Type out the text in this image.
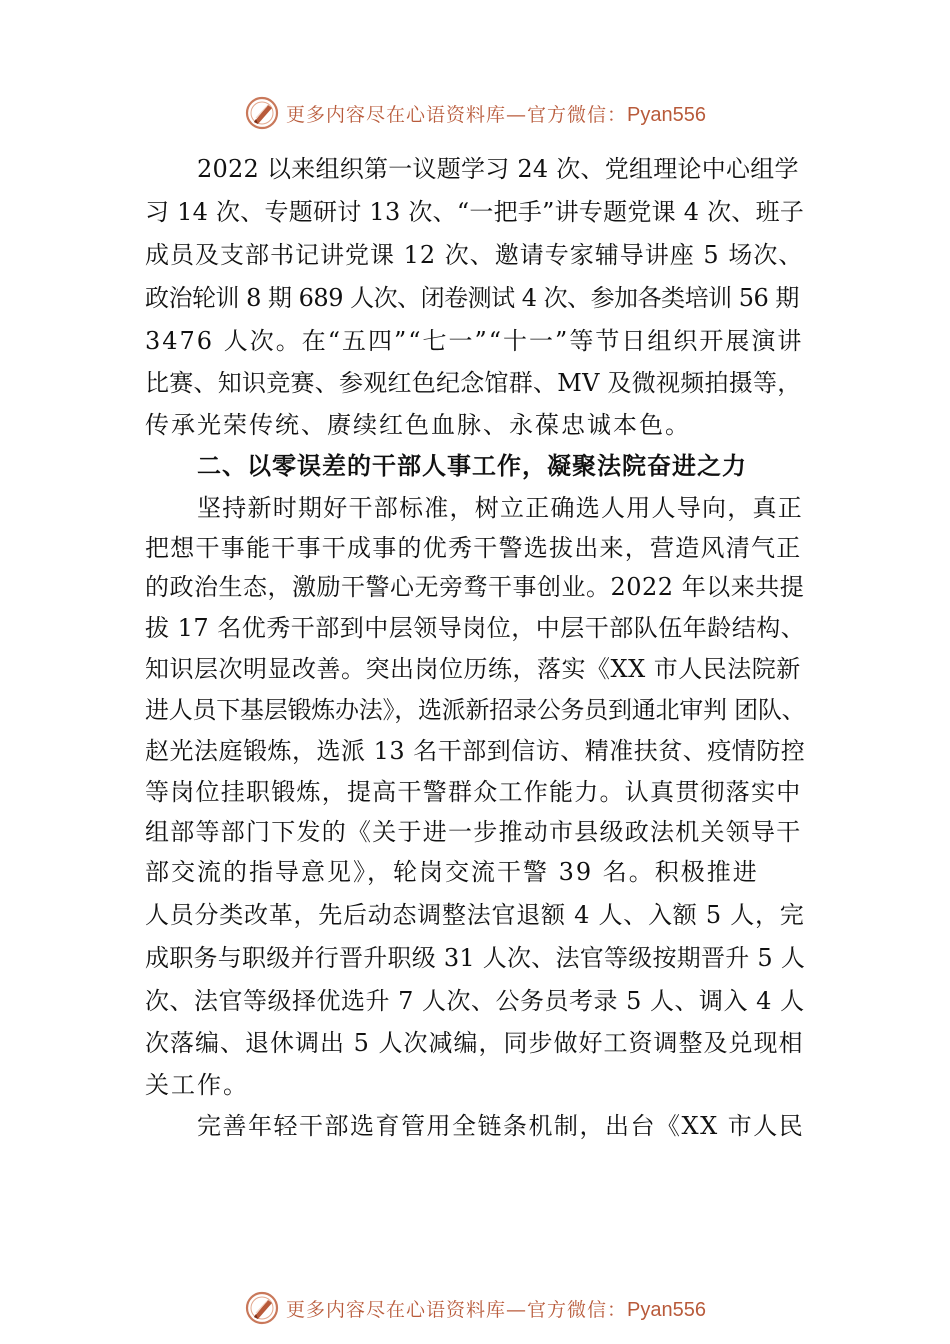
更多内容尽在心语资料库—官方微信：Pyan556
2022 以来组织第一议题学习 24 次、党组理论中心组学
习 14 次、专题研讨 13 次、“一把手”讲专题党课 4 次、班子
成员及支部书记讲党课 12 次、邀请专家辅导讲座 5 场次、
政治轮训 8 期 689 人次、闭卷测试 4 次、参加各类培训 56 期
3476 人次。在“五四”“七一”“十一”等节日组织开展演讲
比赛、知识竞赛、参观红色纪念馆群、MV 及微视频拍摄等，
传承光荣传统、赓续红色血脉、永葆忠诚本色。
二、以零误差的干部人事工作，凝聚法院奋进之力
坚持新时期好干部标准，树立正确选人用人导向，真正
把想干事能干事干成事的优秀干警选拔出来，营造风清气正
的政治生态，激励干警心无旁骛干事创业。2022 年以来共提
拔 17 名优秀干部到中层领导岗位，中层干部队伍年龄结构、
知识层次明显改善。突出岗位历练，落实《XX 市人民法院新
进人员下基层锻炼办法》，选派新招录公务员到通北审判 团队、
赵光法庭锻炼，选派 13 名干部到信访、精准扶贫、疫情防控
等岗位挂职锻炼，提高干警群众工作能力。认真贯彻落实中
组部等部门下发的《关于进一步推动市县级政法机关领导干
部交流的指导意见》，轮岗交流干警 39 名。积极推进
人员分类改革，先后动态调整法官退额 4 人、入额 5 人，完
成职务与职级并行晋升职级 31 人次、法官等级按期晋升 5 人
次、法官等级择优选升 7 人次、公务员考录 5 人、调入 4 人
次落编、退休调出 5 人次减编，同步做好工资调整及兑现相
关工作。
完善年轻干部选育管用全链条机制，出台《XX 市人民
更多内容尽在心语资料库—官方微信：Pyan556
